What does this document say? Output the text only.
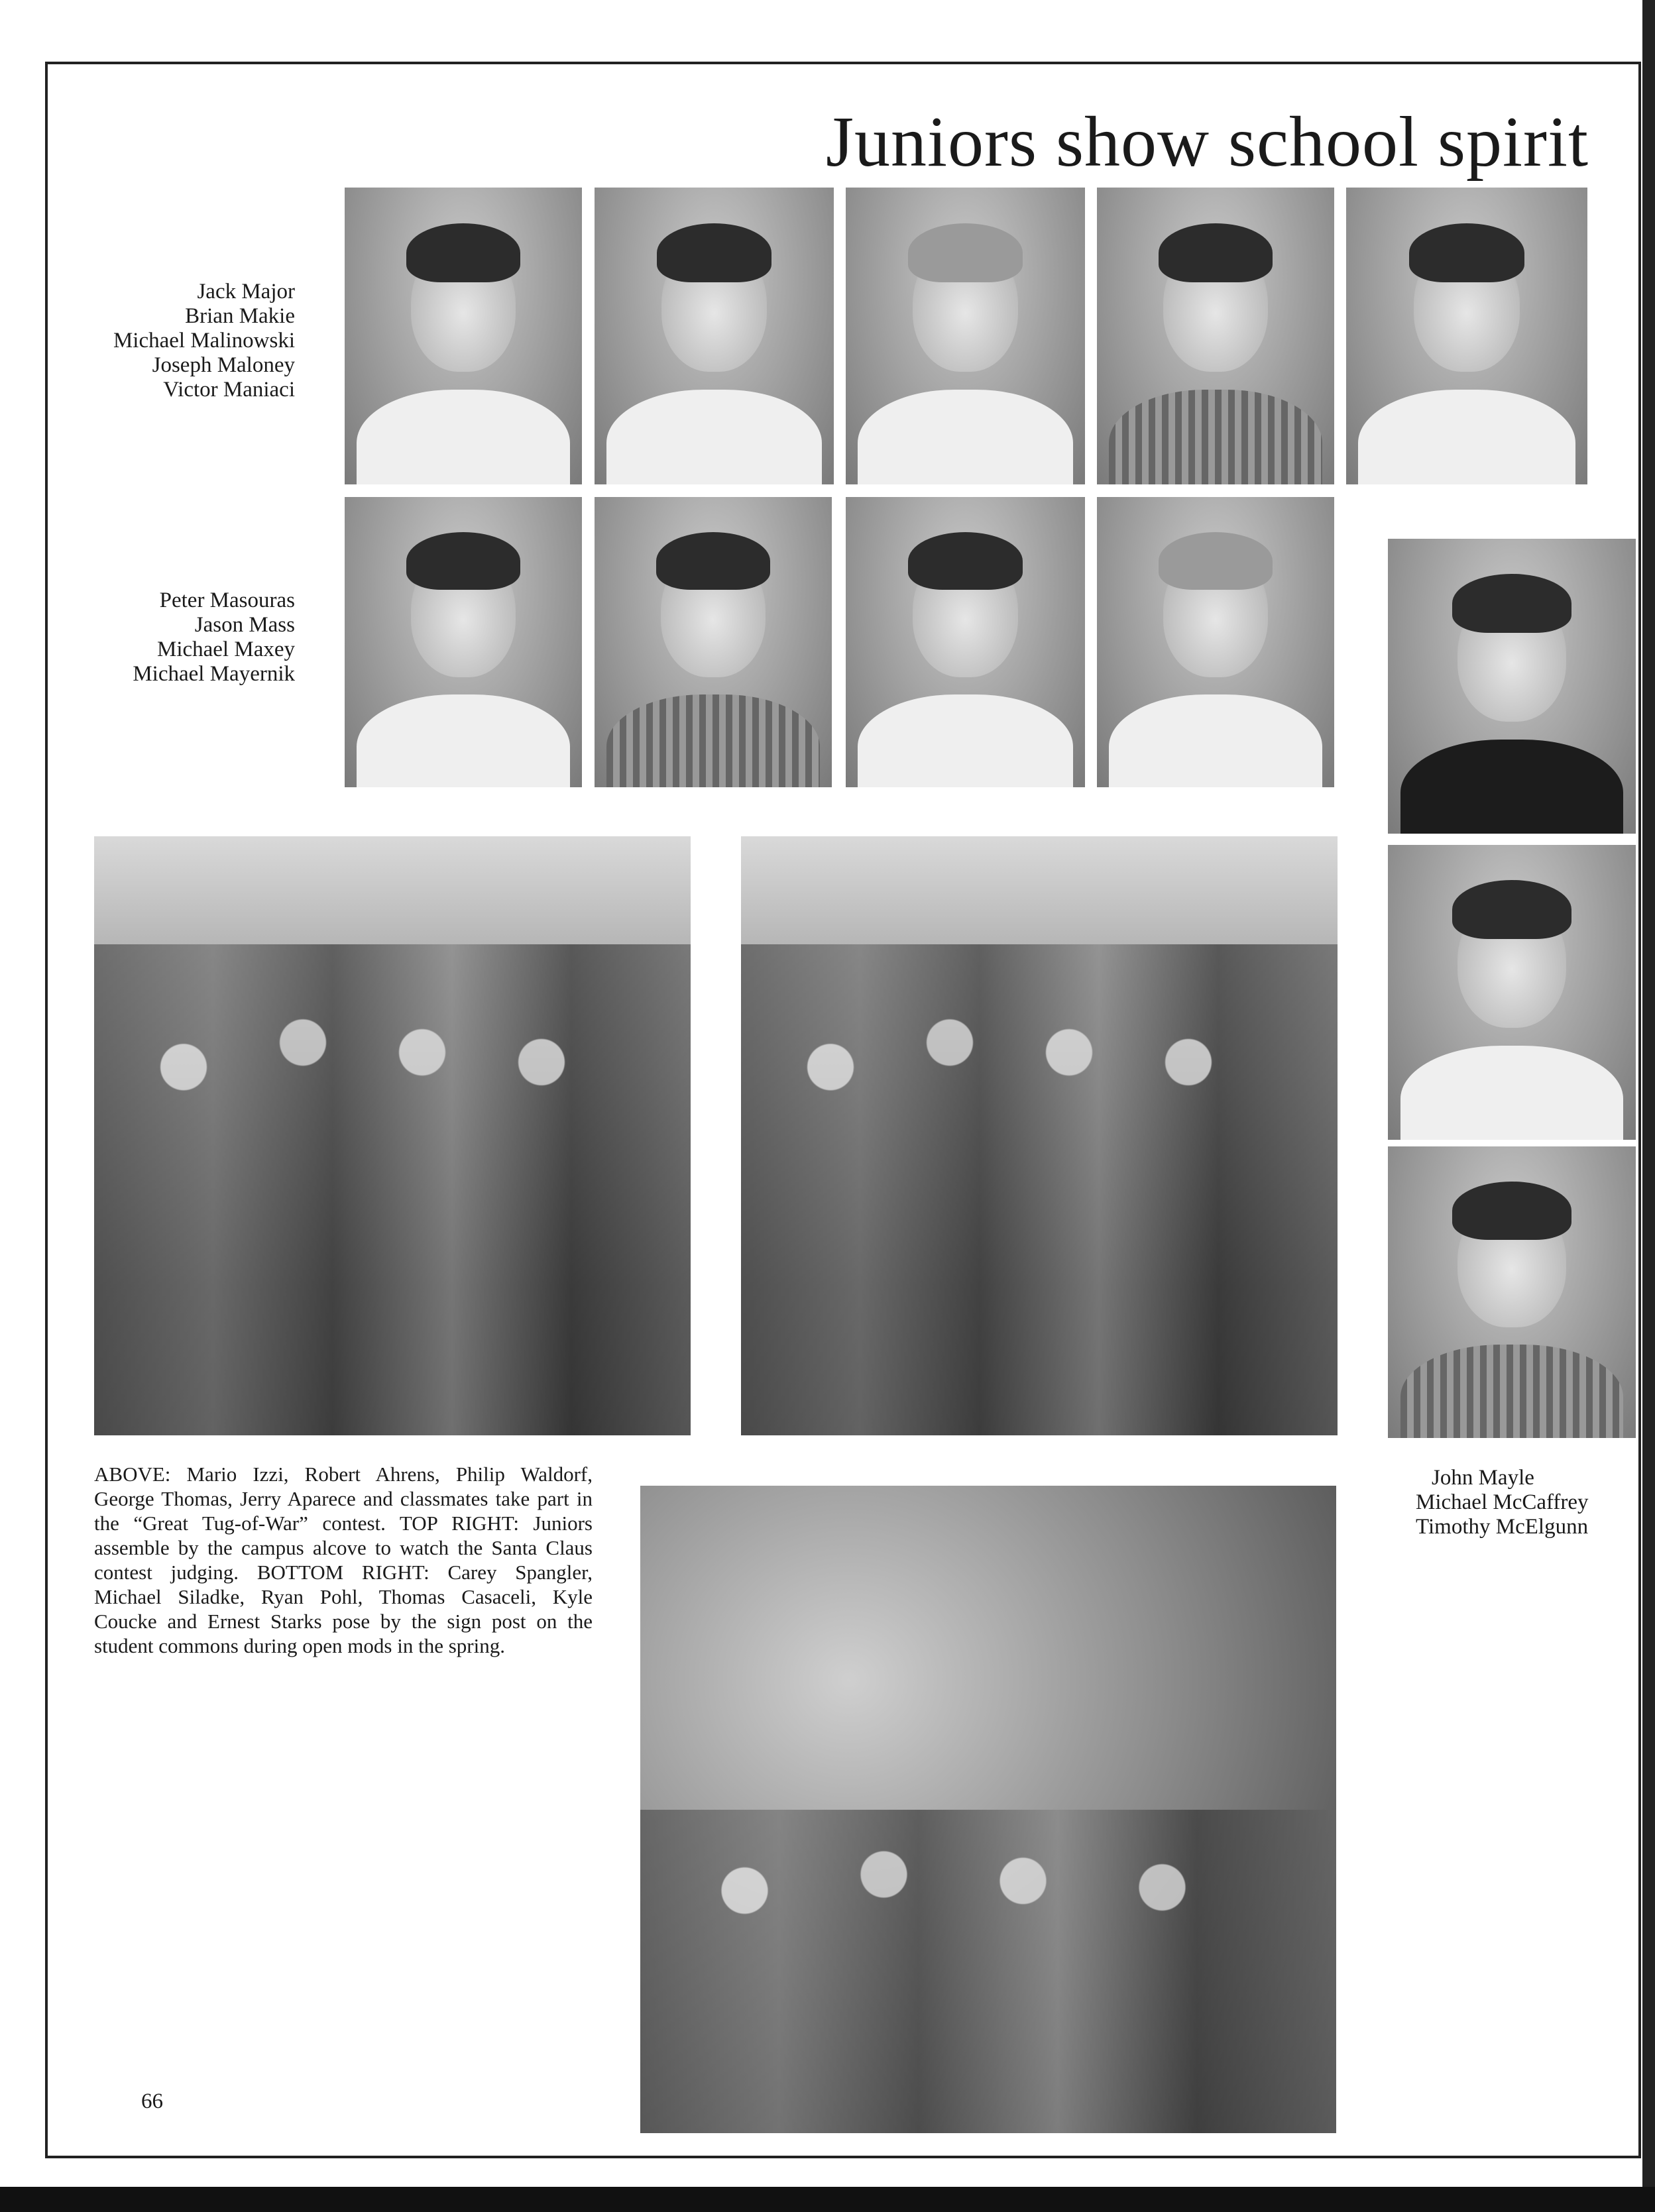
Juniors show school spirit
Jack Major
Brian Makie
Michael Malinowski
Joseph Maloney
Victor Maniaci
Peter Masouras
Jason Mass
Michael Maxey
Michael Mayernik
John Mayle
Michael McCaffrey
Timothy McElgunn
ABOVE: Mario Izzi, Robert Ahrens, Philip Waldorf, George Thomas, Jerry Aparece and classmates take part in the “Great Tug-of-War” contest. TOP RIGHT: Juniors assemble by the campus alcove to watch the Santa Claus contest judging. BOTTOM RIGHT: Carey Spangler, Michael Siladke, Ryan Pohl, Thomas Casaceli, Kyle Coucke and Ernest Starks pose by the sign post on the student commons during open mods in the spring.
66
